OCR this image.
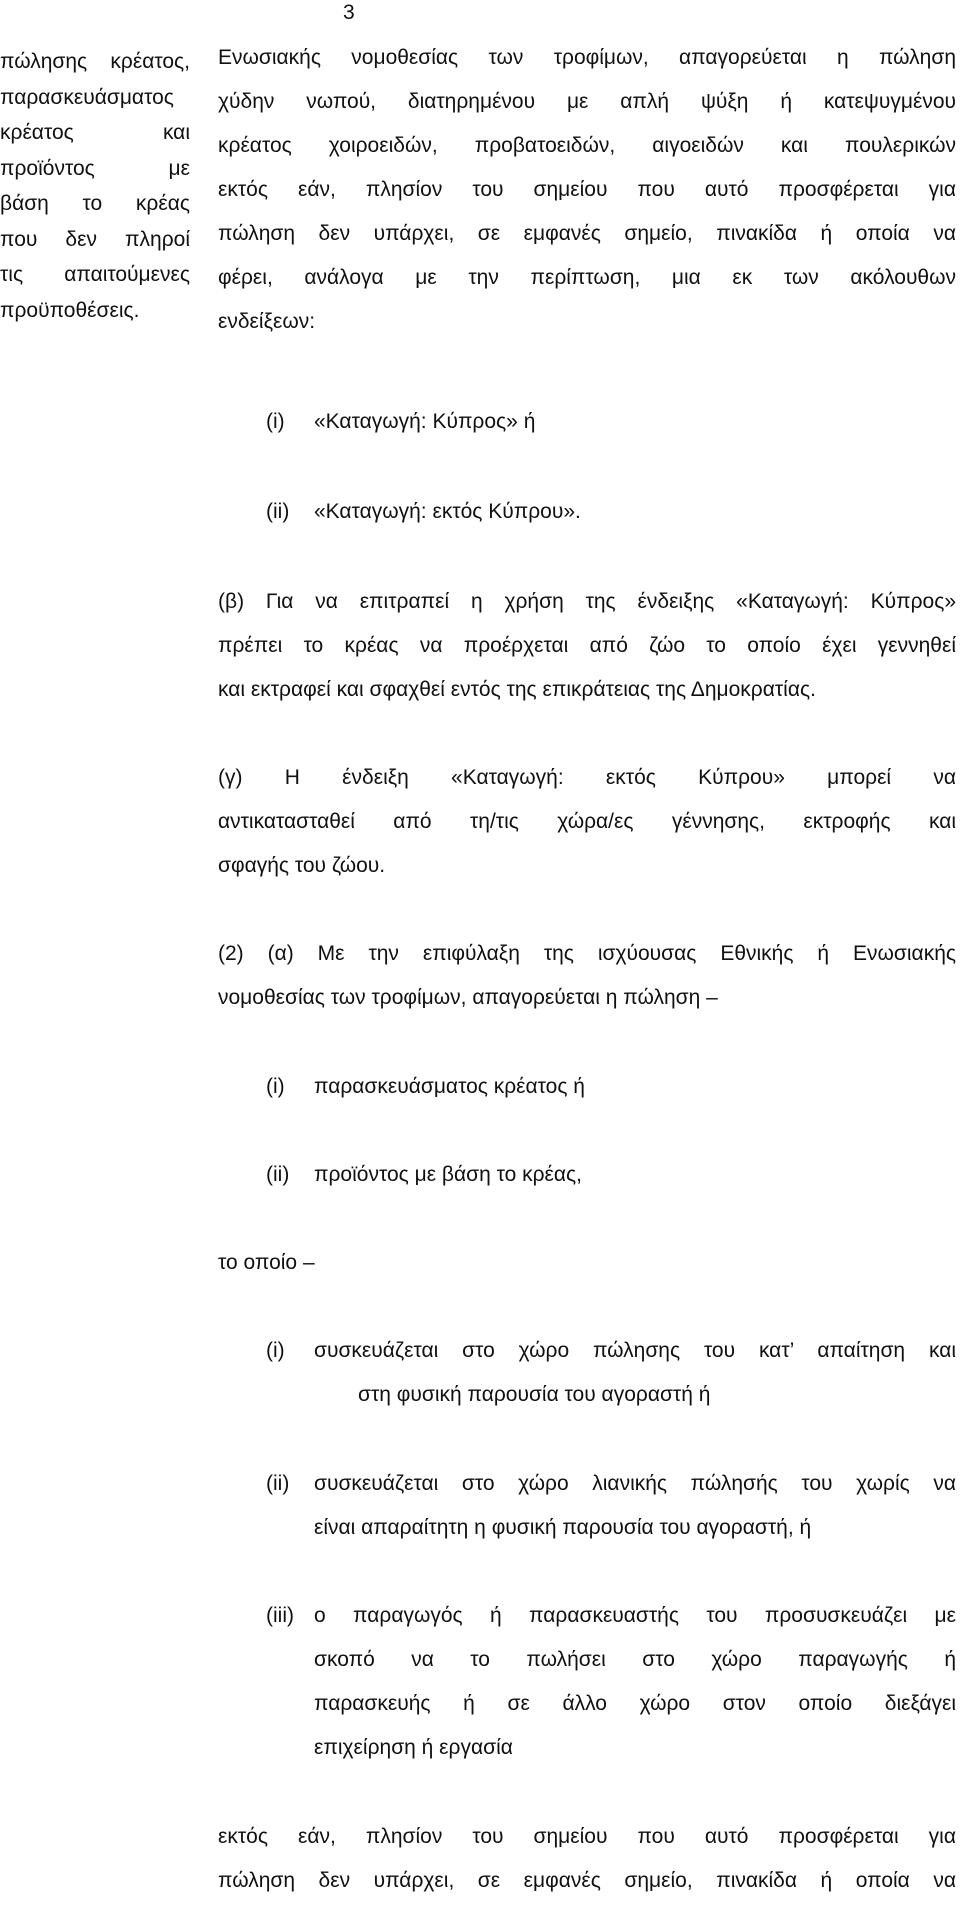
3
πώλησης κρέατος,
παρασκευάσματος
κρέατος και
προϊόντος με
βάση το κρέας
που δεν πληροί
τις απαιτούμενες
προϋποθέσεις.
Ενωσιακής νομοθεσίας των τροφίμων, απαγορεύεται η πώληση
χύδην νωπού, διατηρημένου με απλή ψύξη ή κατεψυγμένου
κρέατος χοιροειδών, προβατοειδών, αιγοειδών και πουλερικών
εκτός εάν, πλησίον του σημείου που αυτό προσφέρεται για
πώληση δεν υπάρχει, σε εμφανές σημείο, πινακίδα ή οποία να
φέρει, ανάλογα με την περίπτωση, μια εκ των ακόλουθων
ενδείξεων:
(i) «Καταγωγή: Κύπρος» ή
(ii) «Καταγωγή: εκτός Κύπρου».
(β) Για να επιτραπεί η χρήση της ένδειξης «Καταγωγή: Κύπρος»
πρέπει το κρέας να προέρχεται από ζώο το οποίο έχει γεννηθεί
και εκτραφεί και σφαχθεί εντός της επικράτειας της Δημοκρατίας.
(γ) Η ένδειξη «Καταγωγή: εκτός Κύπρου» μπορεί να
αντικατασταθεί από τη/τις χώρα/ες γέννησης, εκτροφής και
σφαγής του ζώου.
(2) (α) Με την επιφύλαξη της ισχύουσας Εθνικής ή Ενωσιακής
νομοθεσίας των τροφίμων, απαγορεύεται η πώληση –
(i) παρασκευάσματος κρέατος ή
(ii) προϊόντος με βάση το κρέας,
το οποίο –
(i) συσκευάζεται στο χώρο πώλησης του κατ’ απαίτηση και
στη φυσική παρουσία του αγοραστή ή
(ii) συσκευάζεται στο χώρο λιανικής πώλησής του χωρίς να
είναι απαραίτητη η φυσική παρουσία του αγοραστή, ή
(iii) ο παραγωγός ή παρασκευαστής του προσυσκευάζει με
σκοπό να το πωλήσει στο χώρο παραγωγής ή
παρασκευής ή σε άλλο χώρο στον οποίο διεξάγει
επιχείρηση ή εργασία
εκτός εάν, πλησίον του σημείου που αυτό προσφέρεται για
πώληση δεν υπάρχει, σε εμφανές σημείο, πινακίδα ή οποία να
